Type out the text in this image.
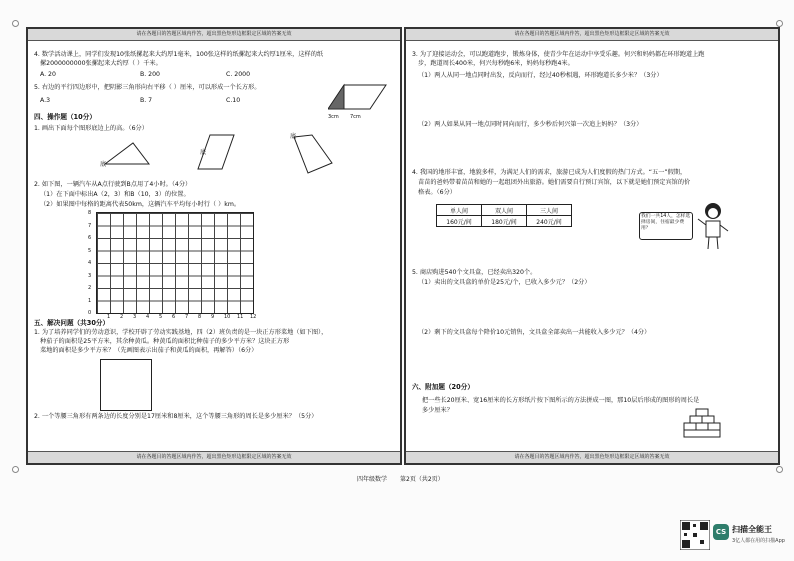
请在各题目的答题区域内作答，超出黑色矩形边框限定区域的答案无效
4. 数学活动课上，同学们发现10张纸摞起来大约厚1毫米，100张这样的纸摞起来大约厚1厘米，这样的纸
摞2000000000张摞起来大约厚（ ）千米。
A. 20	B. 200	C. 2000
5. 右边的平行四边形中，把阴影三角形向右平移（ ）厘米，可以形成一个长方形。
A.3	B. 7	C.10
3cm 7cm
四、操作题（10分）
1. 画出下面每个图形底边上的高。（6分）
底
底
底
2. 如下图，一辆汽车从A点行驶到B点用了4小时。（4分）
（1）在下面中标出A（2，3）和B（10，3）的位置。
（2）如果图中每格的距离代表50km，这辆汽车平均每小时行（ ）km。
五、解决问题（共30分）
1. 为了培养同学们的劳动意识，学校开辟了劳动实践基地，四（2）班负责的是一块正方形菜地（如下图），
种茄子的面积是25平方米，其余种黄瓜。种黄瓜的面积比种茄子的多少平方米？这块正方形
菜地的面积是多少平方米？（先画图表示出茄子和黄瓜的面积，再解答）（6分）
2. 一个等腰三角形有两条边的长度分别是17厘米和8厘米，这个等腰三角形的周长是多少厘米？（5分）
请在各题目的答题区域内作答，超出黑色矩形边框限定区域的答案无效
8
7
6
5
4
3
2
1
0
1 2 3 4 5 6 7 8 9 10 11 12
请在各题目的答题区域内作答，超出黑色矩形边框限定区域的答案无效
3. 为了迎接运动会，可以跑道跑步，锻炼身体，使青少年在运动中享受乐趣。何兴和妈妈都在环形跑道上跑
步，跑道周长400米，何兴每秒跑6米，妈妈每秒跑4米。
（1）两人从同一地点同时出发，反向而行，经过40秒相遇，环形跑道长多少米？（3分）
（2）两人如果从同一地点同时同向而行，多少秒后何兴第一次追上妈妈？（3分）
4. 我国的地形丰富，地貌多样，为满足人们的需求，旅游已成为人们度假的热门方式。“五一”假期，
苗苗的爸妈带着苗苗和她的一起组团外出旅游。她们需要自行预订宾馆，以下就是她们预定宾馆的价
格表。（6分）
单人间	双人间	三人间
160元/间	180元/间	240元/间
我们一共14人，怎样选择房间，住宿最少费用？
5. 商店购进540个文具盒，已经卖出320个。
（1）卖出的文具盒的单价是25元/个，已收入多少元？（2分）
（2）剩下的文具盒每个降价10元销售，文具盒全部卖出一共能收入多少元？（4分）
六、附加题（20分）
把一些长20厘米、宽16厘米的长方形纸片按下图所示的方法拼成一图，那10层后形成的图形的周长是
多少厘米？
请在各题目的答题区域内作答，超出黑色矩形边框限定区域的答案无效
四年级数学 第2页（共2页）
CS 扫描全能王
3亿人都在用的扫描App
